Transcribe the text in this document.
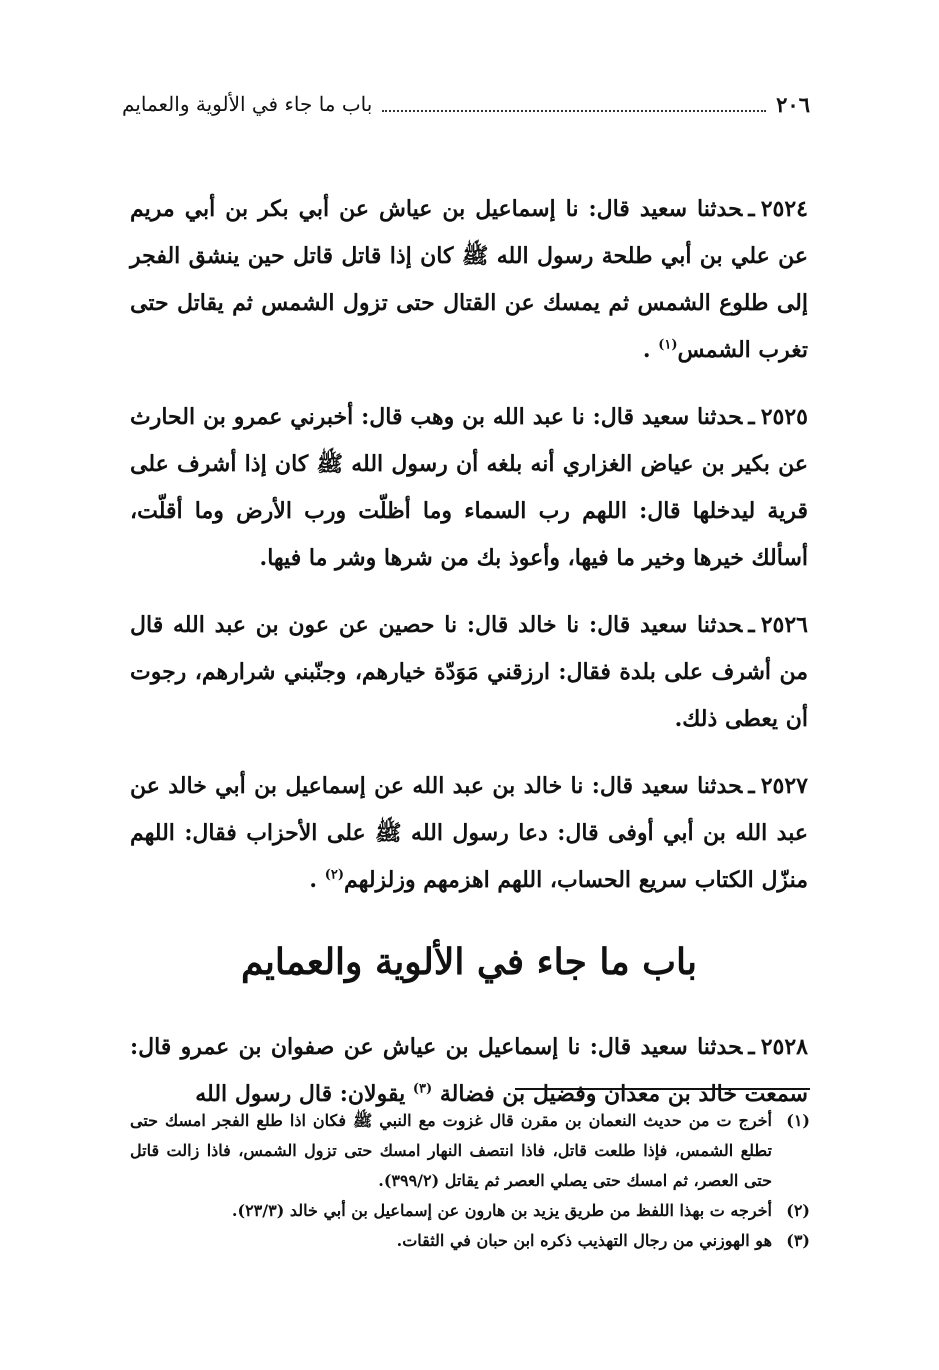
٢٠٦
باب ما جاء في الألوية والعمايم

٢٥٢٤ـحدثنا سعيد قال: نا إسماعيل بن عياش عن أبي بكر بن أبي مريم عن علي بن أبي طلحة رسول الله ﷺ كان إذا قاتل قاتل حين ينشق الفجر إلى طلوع الشمس ثم يمسك عن القتال حتى تزول الشمس ثم يقاتل حتى تغرب الشمس$^{(١)}$ .

٢٥٢٥ـحدثنا سعيد قال: نا عبد الله بن وهب قال: أخبرني عمرو بن الحارث عن بكير بن عياض الغزاري أنه بلغه أن رسول الله ﷺ كان إذا أشرف على قرية ليدخلها قال: اللهم رب السماء وما أظلّت ورب الأرض وما أقلّت، أسألك خيرها وخير ما فيها، وأعوذ بك من شرها وشر ما فيها.

٢٥٢٦ـحدثنا سعيد قال: نا خالد قال: نا حصين عن عون بن عبد الله قال من أشرف على بلدة فقال: ارزقني مَوَدّة خيارهم، وجنّبني شرارهم، رجوت أن يعطى ذلك.

٢٥٢٧ـحدثنا سعيد قال: نا خالد بن عبد الله عن إسماعيل بن أبي خالد عن عبد الله بن أبي أوفى قال: دعا رسول الله ﷺ على الأحزاب فقال: اللهم منزّل الكتاب سريع الحساب، اللهم اهزمهم وزلزلهم$^{(٢)}$ .

باب ما جاء في الألوية والعمايم

٢٥٢٨ـحدثنا سعيد قال: نا إسماعيل بن عياش عن صفوان بن عمرو قال: سمعت خالد بن معدان وفضيل بن فضالة $^{(٣)}$ يقولان: قال رسول الله

(١)
أخرج ت من حديث النعمان بن مقرن قال غزوت مع النبي ﷺ فكان اذا طلع الفجر امسك حتى تطلع الشمس، فإذا طلعت قاتل، فاذا انتصف النهار امسك حتى تزول الشمس، فاذا زالت قاتل حتى العصر، ثم امسك حتى يصلي العصر ثم يقاتل (٣٩٩/٢).
(٢)
أخرجه ت بهذا اللفظ من طريق يزيد بن هارون عن إسماعيل بن أبي خالد (٢٣/٣).
(٣)
هو الهوزني من رجال التهذيب ذكره ابن حبان في الثقات.
